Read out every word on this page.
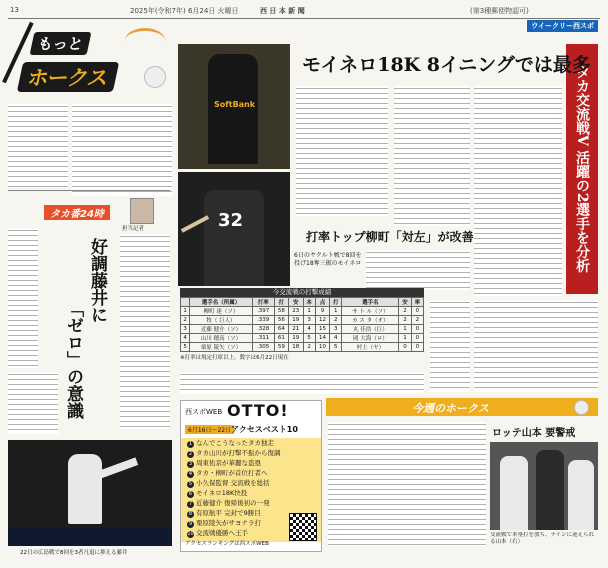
13	2025年(令和7年) 6月24日 火曜日	西 日 本 新 聞	(第3種郵便物認可)
ウイークリー西スポ
もっと
ホークス
タカ番24時
担当記者
好調藤井に
「ゼロ」の意識
22日の広島戦で8回を3者凡退に抑える藤井
SoftBank
32	タカ交流戦V 活躍の2選手を分析
モイネロ18K 8イニングでは最多
打率トップ柳町「対左」が改善
6日のヤクルト戦で8回を投げ18奪三振のモイネロ
今交流戦の打撃成績
	選手名（所属）	打率	打	安	本	点	打	選手名	安	率
1	柳町 達（ソ）	.397	58	23	1	9	1	サ ト ル（ソ）	2	0
2	牧（ 巨人）	.339	56	19	3	12	2	カ ス タ（オ）	2	2
3	近藤 健介（ソ）	.328	64	21	4	15	3	丸 佳浩（巨）	1	0
4	山川 穂高（ソ）	.311	61	19	5	14	4	岡 大海（ロ）	1	0
5	栗原 陵矢（ソ）	.305	59	18	2	10	5	村上（ヤ）	0	0
※打率は規定打席以上。数字は6月22日現在
西スポWEB OTTO!
6月16日〜22日 アクセスベスト10
1 なんでこうなったタカ独走
2 タカ山川が打撃不振から復調
3 周東佑京が華麗な盗塁
4 タカ・柳町が首位打者へ
5 小久保監督 交流戦を総括
6 モイネロ18K快投
7 近藤健介 復帰後初の一発
8 有原航平 完封で9勝目
9 栗原陵矢がサヨナラ打
10 交流戦優勝へ王手
アクセスランキングは西スポWEB
今週のホークス
ロッテ山本 要警戒
交流戦で本塁打を放ち、ナインに迎えられる山本（右）
